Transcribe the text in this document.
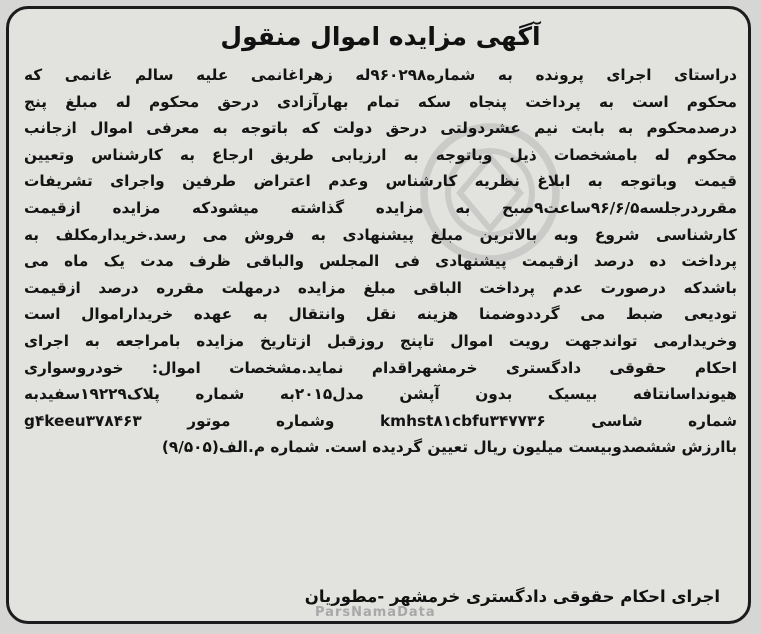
ParsNamaData
آگهی مزایده اموال منقول
دراستای اجرای پرونده به شماره۹۶۰۲۹۸له زهراغانمی علیه سالم غانمی که
محکوم است به پرداخت پنجاه سکه تمام بهارآزادی درحق محکوم له مبلغ پنج
درصدمحکوم به بابت نیم عشردولتی درحق دولت که باتوجه به معرفی اموال ازجانب
محکوم له بامشخصات ذیل وباتوجه به ارزیابی طریق ارجاع به کارشناس وتعیین
قیمت وباتوجه به ابلاغ نظریه کارشناس وعدم اعتراض طرفین واجرای تشریفات
مقرردرجلسه۹۶/۶/۵ساعت۹صبح به مزایده گذاشته میشودکه مزایده ازقیمت
کارشناسی شروع وبه بالاترین مبلغ پیشنهادی به فروش می رسد.خریدارمکلف به
پرداخت ده درصد ازقیمت پیشنهادی فی المجلس والباقی ظرف مدت یک ماه می
باشدکه درصورت عدم پرداخت الباقی مبلغ مزایده درمهلت مقرره درصد ازقیمت
تودیعی ضبط می گرددوضمنا هزینه نقل وانتقال به عهده خریداراموال است
وخریدارمی تواندجهت رویت اموال تاپنج روزقبل ازتاریخ مزایده بامراجعه به اجرای
احکام حقوقی دادگستری خرمشهراقدام نماید.مشخصات اموال: خودروسواری
هیونداسانتافه بیسیک بدون آپشن مدل۲۰۱۵به شماره پلاک۱۹۲۲۹سفیدبه
شماره شاسی kmhst۸۱cbfu۳۴۷۷۳۶ وشماره موتور g۴keeu۳۷۸۴۶۳
باارزش ششصدوبیست میلیون ریال تعیین گردیده است. شماره م.الف(۹/۵۰۵)
اجرای احکام حقوقی دادگستری خرمشهر -مطوریان
